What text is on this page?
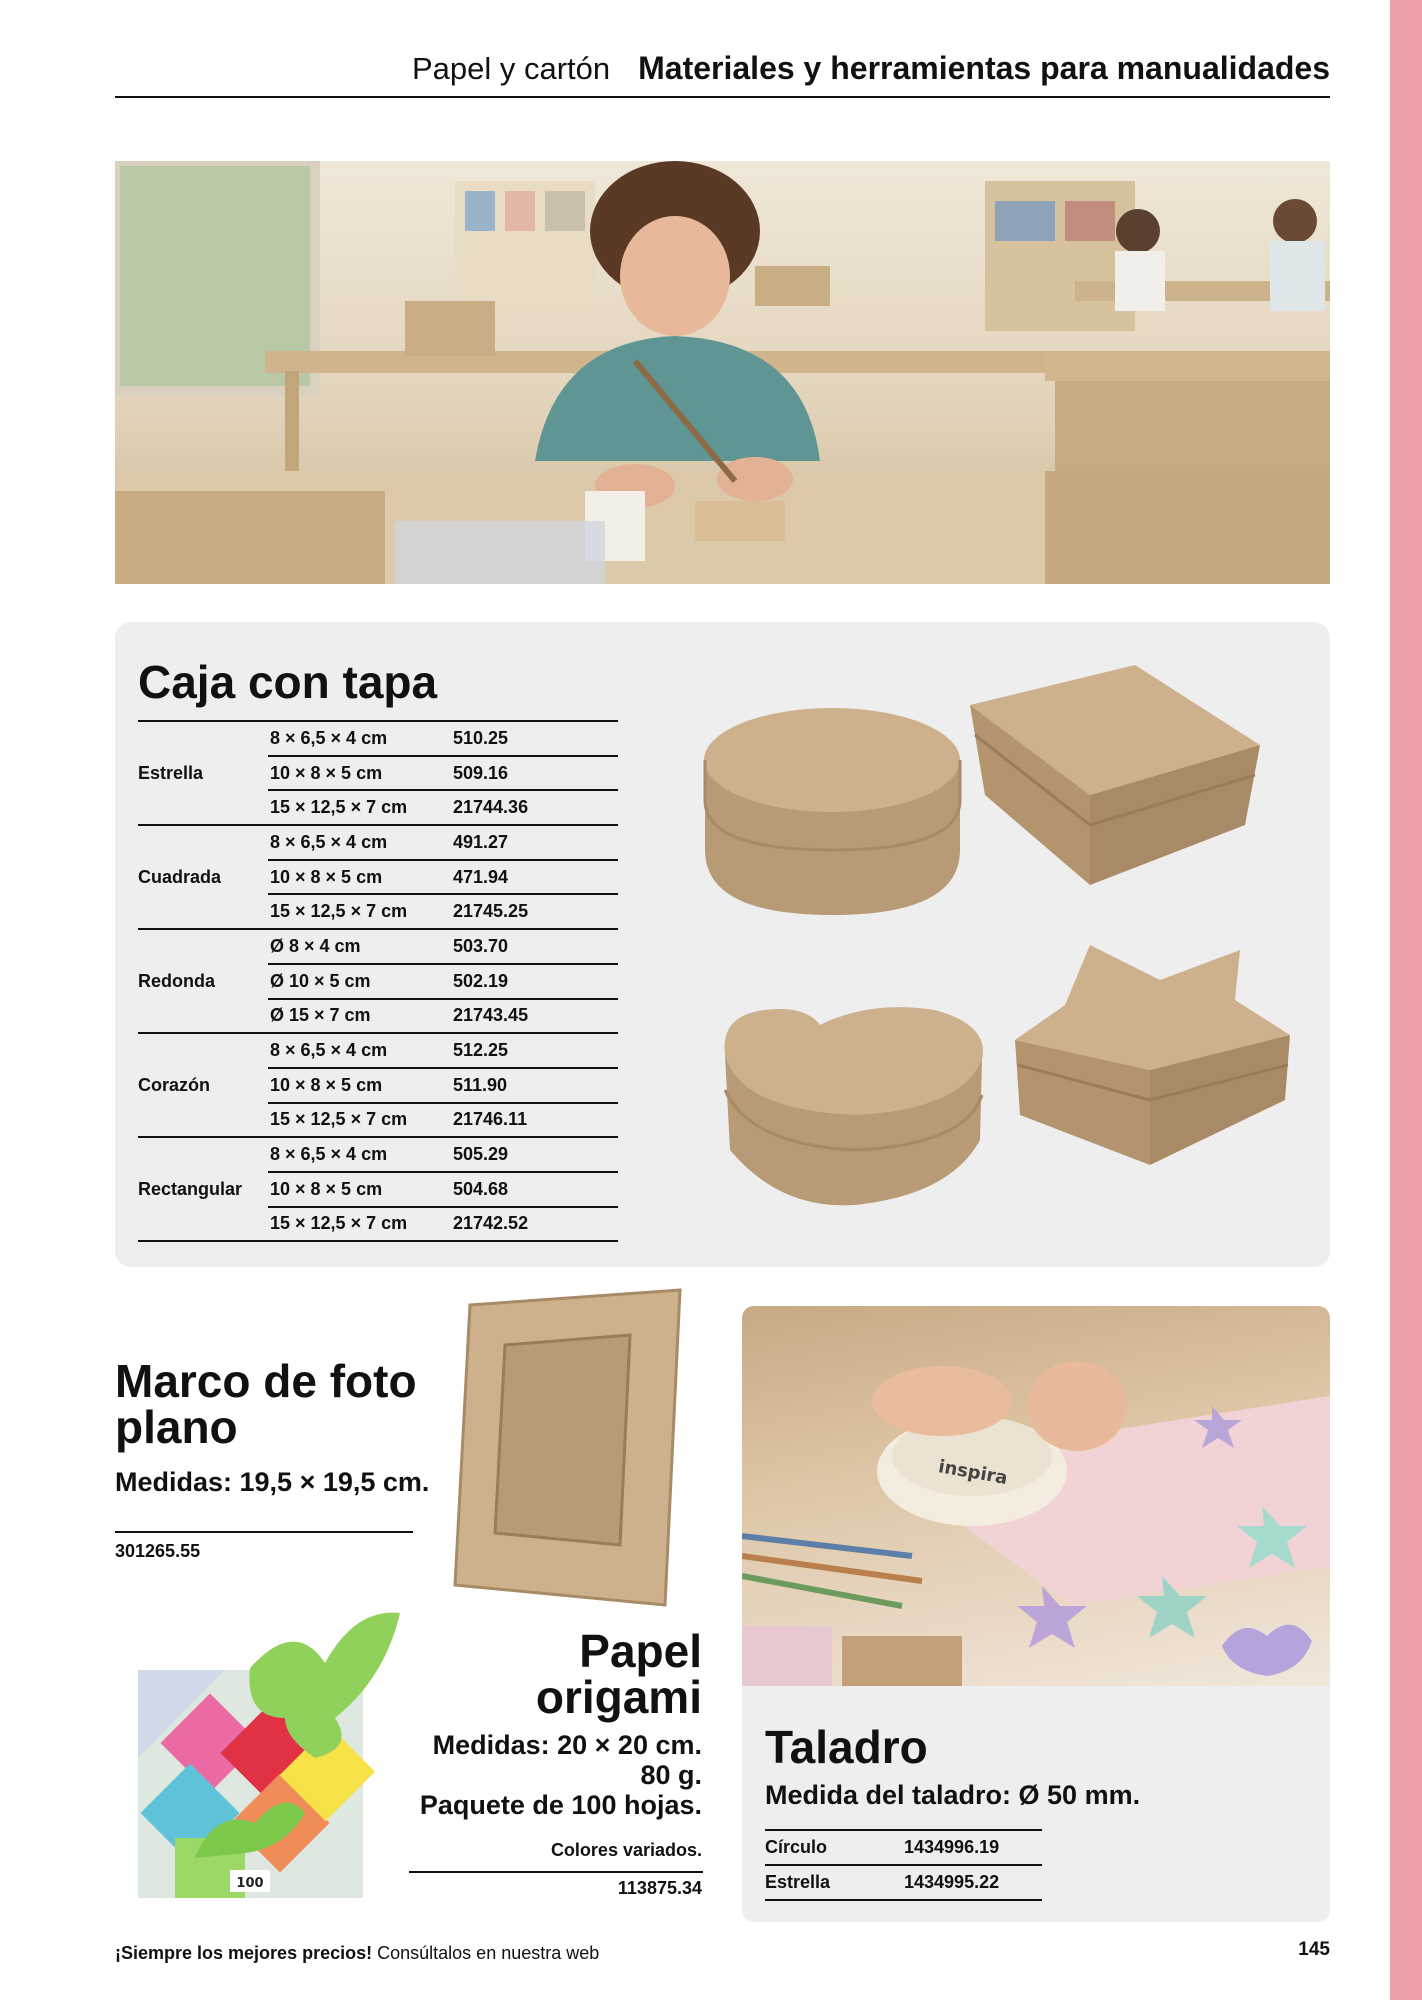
Papel y cartón Materiales y herramientas para manualidades
Caja con tapa
Estrella	8 × 6,5 × 4 cm	510.25
	10 × 8 × 5 cm	509.16
	15 × 12,5 × 7 cm	21744.36
Cuadrada	8 × 6,5 × 4 cm	491.27
	10 × 8 × 5 cm	471.94
	15 × 12,5 × 7 cm	21745.25
Redonda	Ø 8 × 4 cm	503.70
	Ø 10 × 5 cm	502.19
	Ø 15 × 7 cm	21743.45
Corazón	8 × 6,5 × 4 cm	512.25
	10 × 8 × 5 cm	511.90
	15 × 12,5 × 7 cm	21746.11
Rectangular	8 × 6,5 × 4 cm	505.29
	10 × 8 × 5 cm	504.68
	15 × 12,5 × 7 cm	21742.52
Marco de foto plano
Medidas: 19,5 × 19,5 cm.
301265.55
100
Papel origami
Medidas: 20 × 20 cm.
80 g.
Paquete de 100 hojas.
Colores variados.
113875.34
inspira
Taladro
Medida del taladro: Ø 50 mm.
Círculo	1434996.19
Estrella	1434995.22
¡Siempre los mejores precios! Consúltalos en nuestra web	145
